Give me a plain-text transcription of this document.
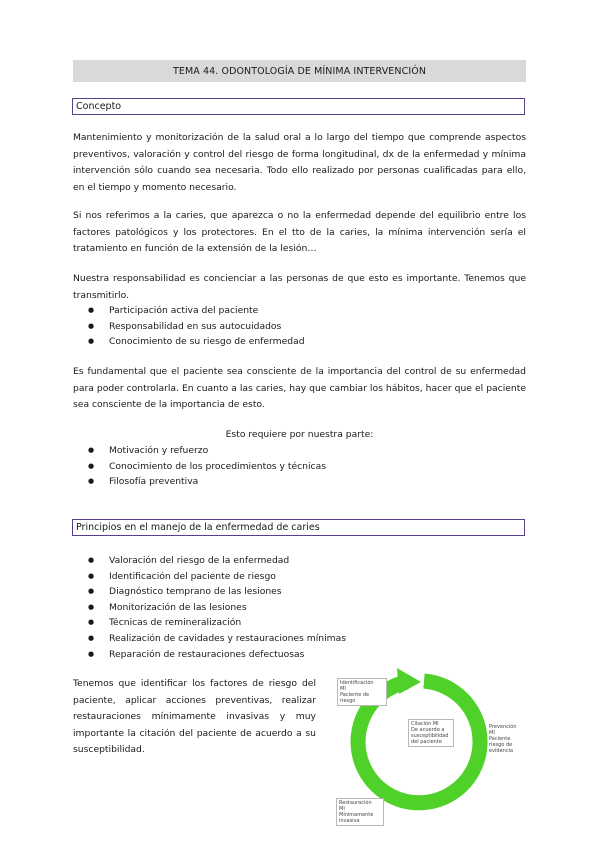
TEMA 44. ODONTOLOGÍA DE MÍNIMA INTERVENCIÓN
Concepto
Mantenimiento y monitorización de la salud oral a lo largo del tiempo que comprende aspectos preventivos, valoración y control del riesgo de forma longitudinal, dx de la enfermedad y mínima intervención sólo cuando sea necesaria. Todo ello realizado por personas cualificadas para ello, en el tiempo y momento necesario.
Si nos referimos a la caries, que aparezca o no la enfermedad depende del equilibrio entre los factores patológicos y los protectores. En el tto de la caries, la mínima intervención sería el tratamiento en función de la extensión de la lesión…
Nuestra responsabilidad es concienciar a las personas de que esto es importante. Tenemos que transmitirlo.
● Participación activa del paciente
● Responsabilidad en sus autocuidados
● Conocimiento de su riesgo de enfermedad
Es fundamental que el paciente sea consciente de la importancia del control de su enfermedad para poder controlarla. En cuanto a las caries, hay que cambiar los hábitos, hacer que el paciente sea consciente de la importancia de esto.
Esto requiere por nuestra parte:
● Motivación y refuerzo
● Conocimiento de los procedimientos y técnicas
● Filosofía preventiva
Principios en el manejo de la enfermedad de caries
● Valoración del riesgo de la enfermedad
● Identificación del paciente de riesgo
● Diagnóstico temprano de las lesiones
● Monitorización de las lesiones
● Técnicas de remineralización
● Realización de cavidades y restauraciones mínimas
● Reparación de restauraciones defectuosas
Tenemos que identificar los factores de riesgo del paciente, aplicar acciones preventivas, realizar restauraciones mínimamente invasivas y muy importante la citación del paciente de acuerdo a su susceptibilidad.
Identificación
MI
Paciente de
riesgo
Prevención
MI
Paciente
riesgo de
evidencia
Restauración
MI
Mínimamente
invasiva
Citación MI
De acuerdo a
susceptibilidad
del paciente
